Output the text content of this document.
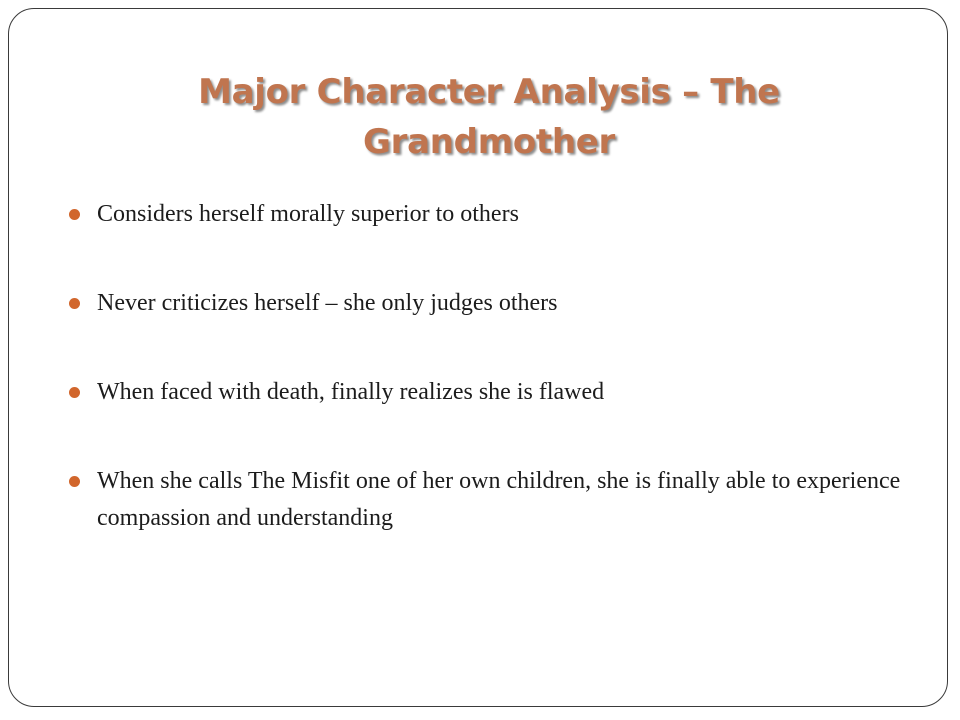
Major Character Analysis – The Grandmother
Considers herself morally superior to others
Never criticizes herself – she only judges others
When faced with death, finally realizes she is flawed
When she calls The Misfit one of her own children, she is finally able to experience compassion and understanding
